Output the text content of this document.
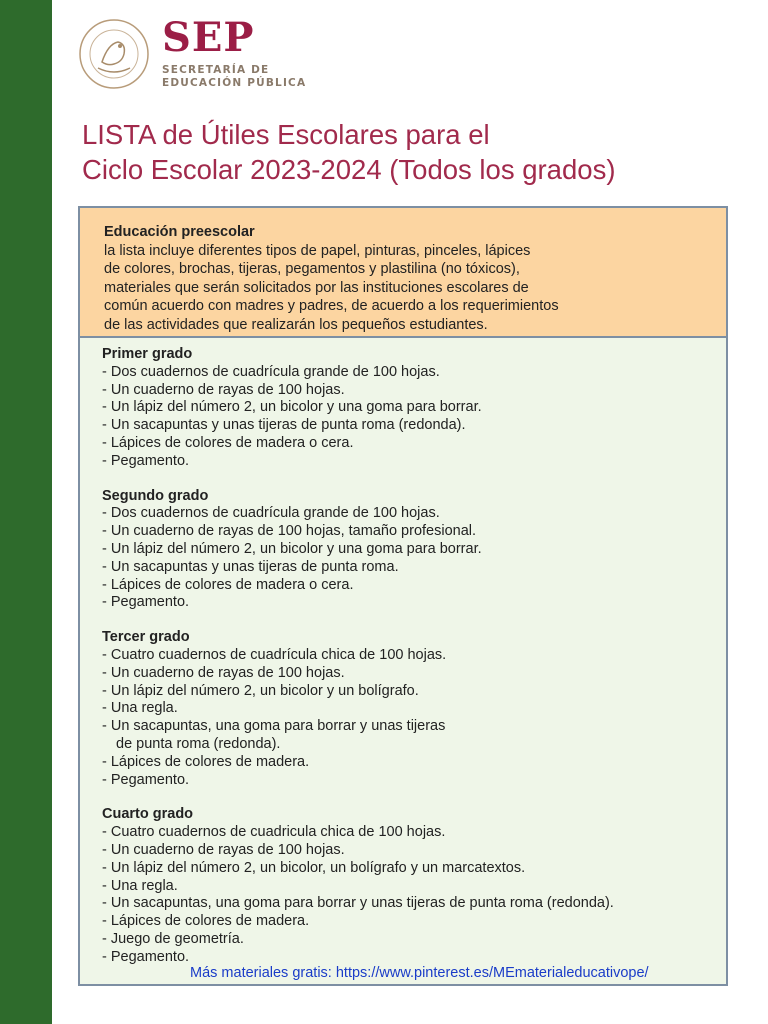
SEP
SECRETARÍA DE
EDUCACIÓN PÚBLICA
LISTA de Útiles Escolares para el
Ciclo Escolar 2023-2024 (Todos los grados)
Educación preescolar
la lista incluye diferentes tipos de papel, pinturas, pinceles, lápices
de colores, brochas, tijeras, pegamentos y plastilina (no tóxicos),
materiales que serán solicitados por las instituciones escolares de
común acuerdo con madres y padres, de acuerdo a los requerimientos
de las actividades que realizarán los pequeños estudiantes.
Primer grado
- Dos cuadernos de cuadrícula grande de 100 hojas.
- Un cuaderno de rayas de 100 hojas.
- Un lápiz del número 2, un bicolor y una goma para borrar.
- Un sacapuntas y unas tijeras de punta roma (redonda).
- Lápices de colores de madera o cera.
- Pegamento.
Segundo grado
- Dos cuadernos de cuadrícula grande de 100 hojas.
- Un cuaderno de rayas de 100 hojas, tamaño profesional.
- Un lápiz del número 2, un bicolor y una goma para borrar.
- Un sacapuntas y unas tijeras de punta roma.
- Lápices de colores de madera o cera.
- Pegamento.
Tercer grado
- Cuatro cuadernos de cuadrícula chica de 100 hojas.
- Un cuaderno de rayas de 100 hojas.
- Un lápiz del número 2, un bicolor y un bolígrafo.
- Una regla.
- Un sacapuntas, una goma para borrar y unas tijeras
de punta roma (redonda).
- Lápices de colores de madera.
- Pegamento.
Cuarto grado
- Cuatro cuadernos de cuadricula chica de 100 hojas.
- Un cuaderno de rayas de 100 hojas.
- Un lápiz del número 2, un bicolor, un bolígrafo y un marcatextos.
- Una regla.
- Un sacapuntas, una goma para borrar y unas tijeras de punta roma (redonda).
- Lápices de colores de madera.
- Juego de geometría.
- Pegamento.
Más materiales gratis: https://www.pinterest.es/MEmaterialeducativope/
